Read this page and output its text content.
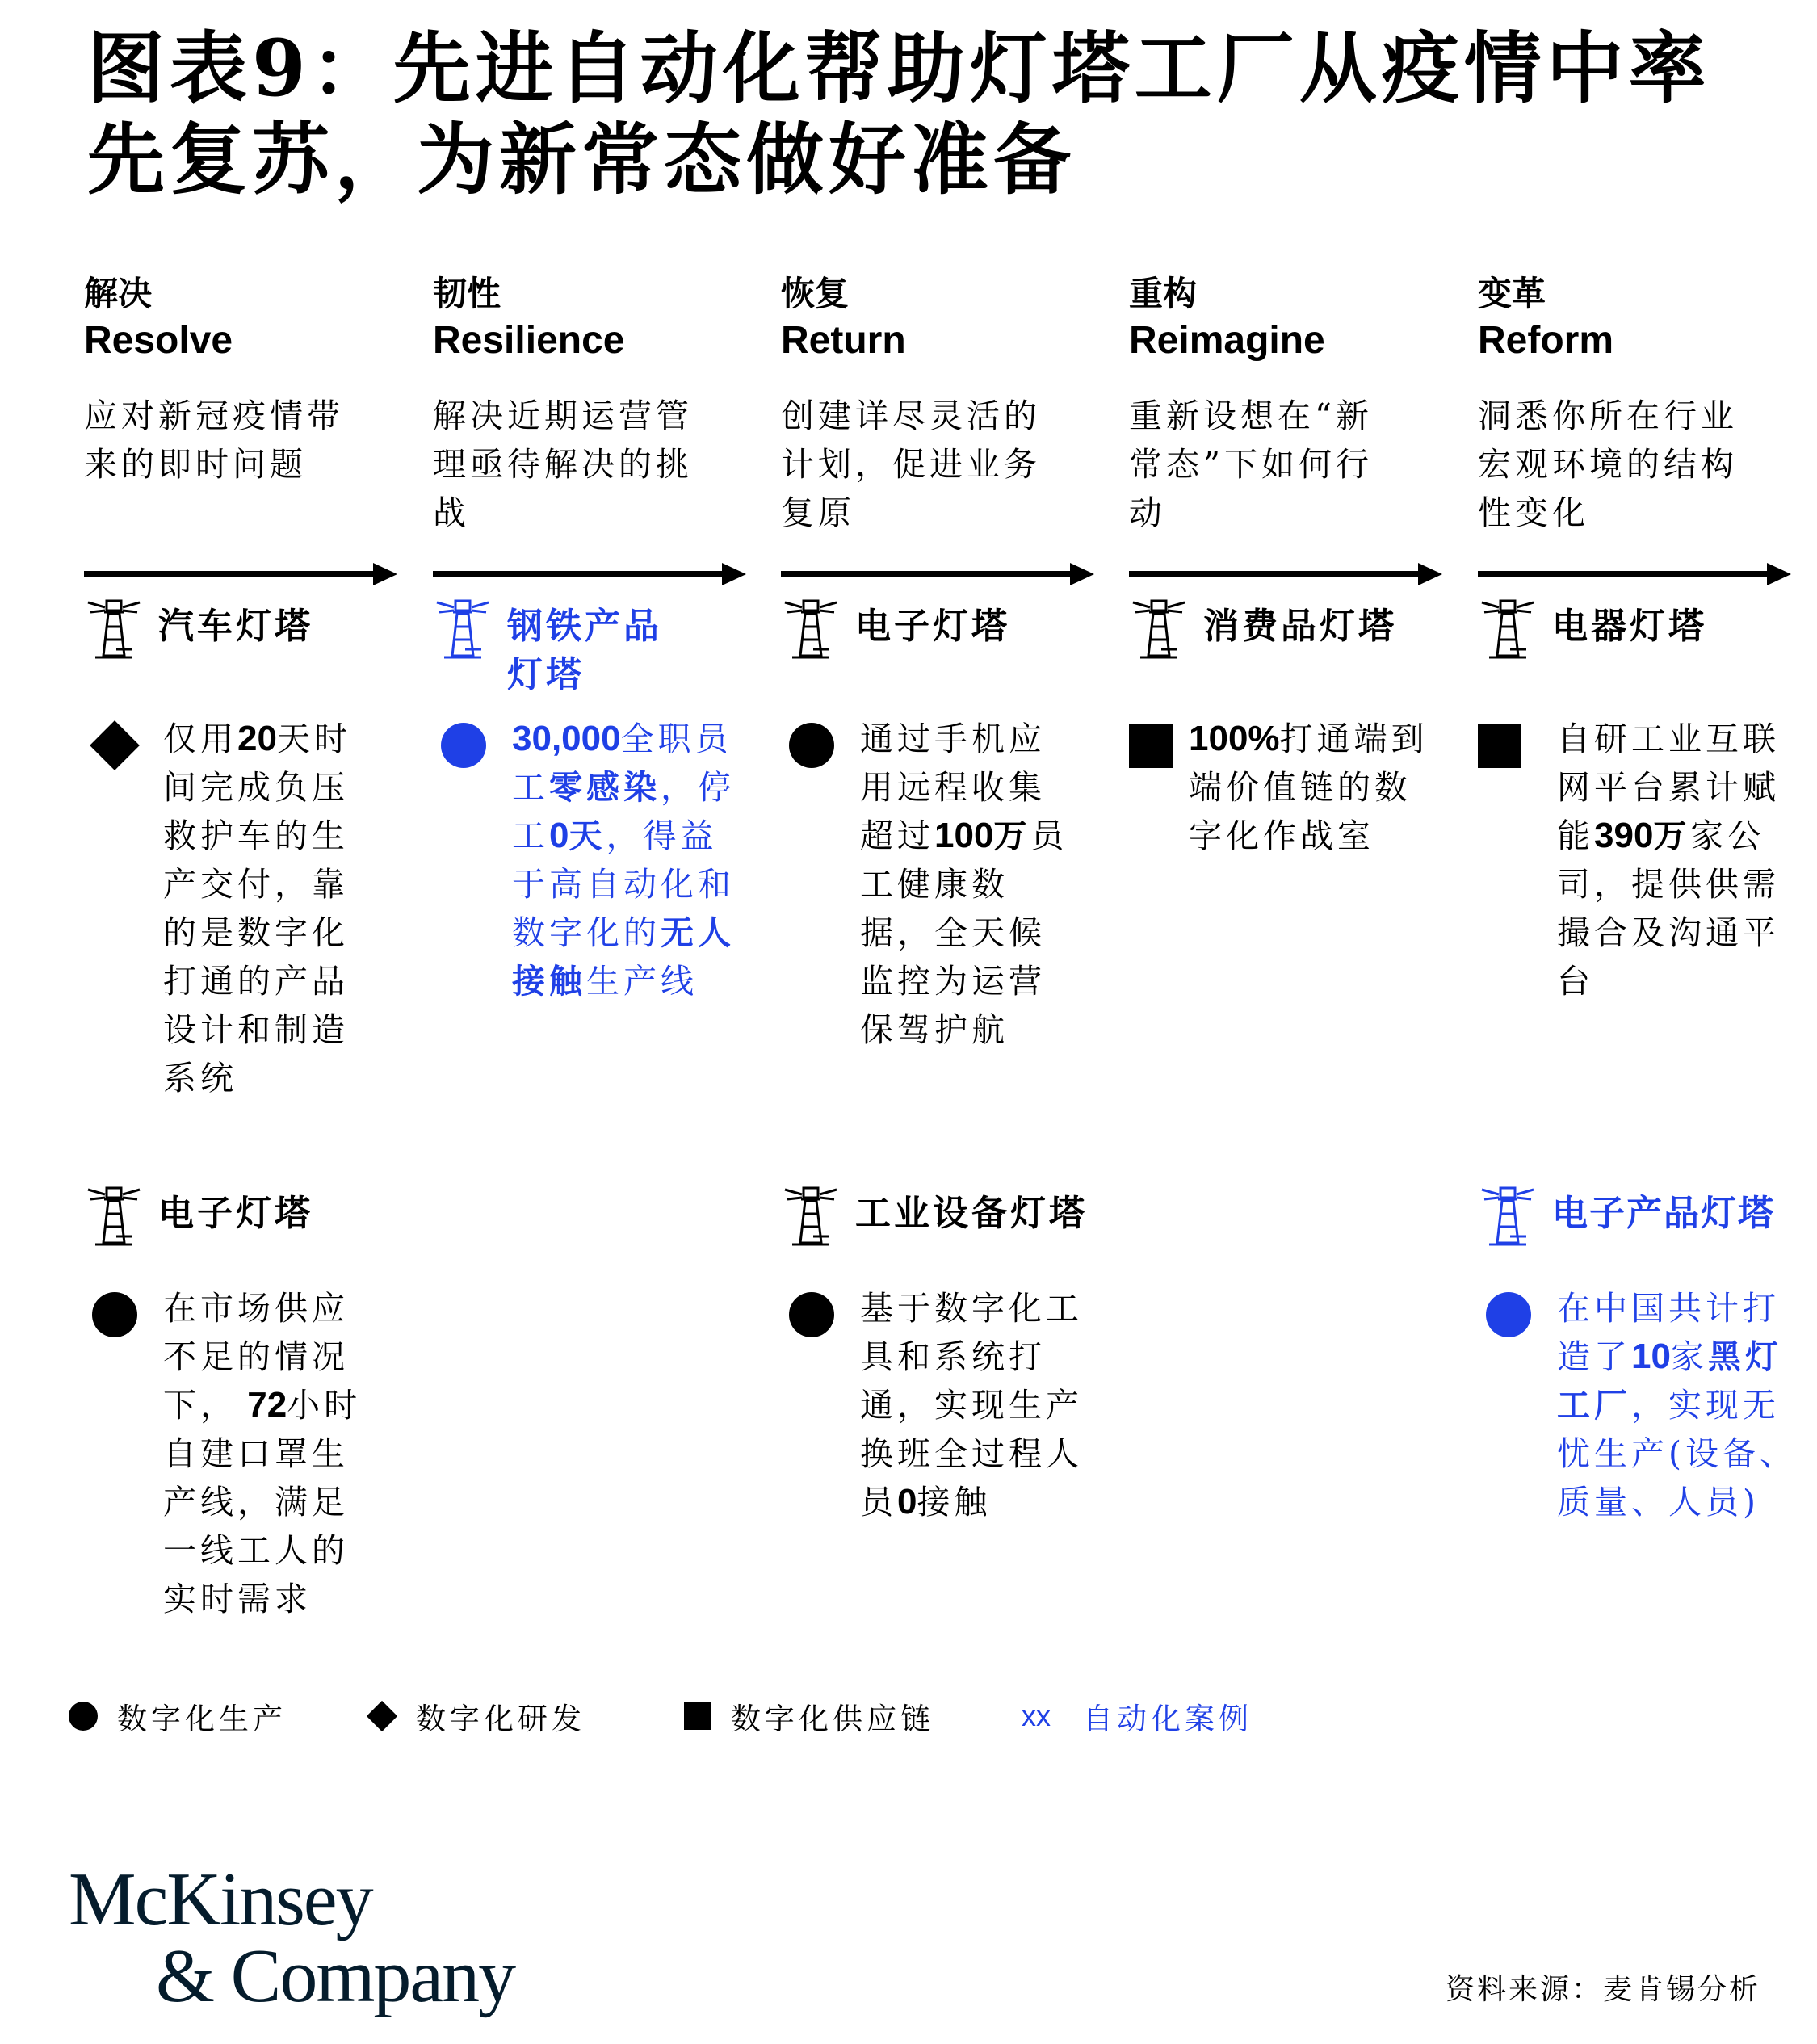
图表9：先进自动化帮助灯塔工厂从疫情中率先复苏，为新常态做好准备
解决
Resolve
应对新冠疫情带来的即时问题
汽车灯塔
仅用20天时间完成负压救护车的生产交付，靠的是数字化打通的产品设计和制造系统
电子灯塔
在市场供应不足的情况下， 72小时自建口罩生产线，满足一线工人的实时需求
韧性
Resilience
解决近期运营管理亟待解决的挑战
钢铁产品灯塔
30,000全职员工零感染，停工0天，得益于高自动化和数字化的无人接触生产线
恢复
Return
创建详尽灵活的计划，促进业务复原
电子灯塔
通过手机应用远程收集超过100万员工健康数据，全天候监控为运营保驾护航
工业设备灯塔
基于数字化工具和系统打通，实现生产换班全过程人员0接触
重构
Reimagine
重新设想在“新常态”下如何行动
消费品灯塔
100%打通端到端价值链的数字化作战室
变革
Reform
洞悉你所在行业宏观环境的结构性变化
电器灯塔
自研工业互联网平台累计赋能390万家公司，提供供需撮合及沟通平台
电子产品灯塔
在中国共计打造了10家黑灯工厂，实现无忧生产(设备、质量、人员)
数字化生产	数字化研发	数字化供应链	xx 自动化案例
McKinsey
& Company	资料来源：麦肯锡分析
